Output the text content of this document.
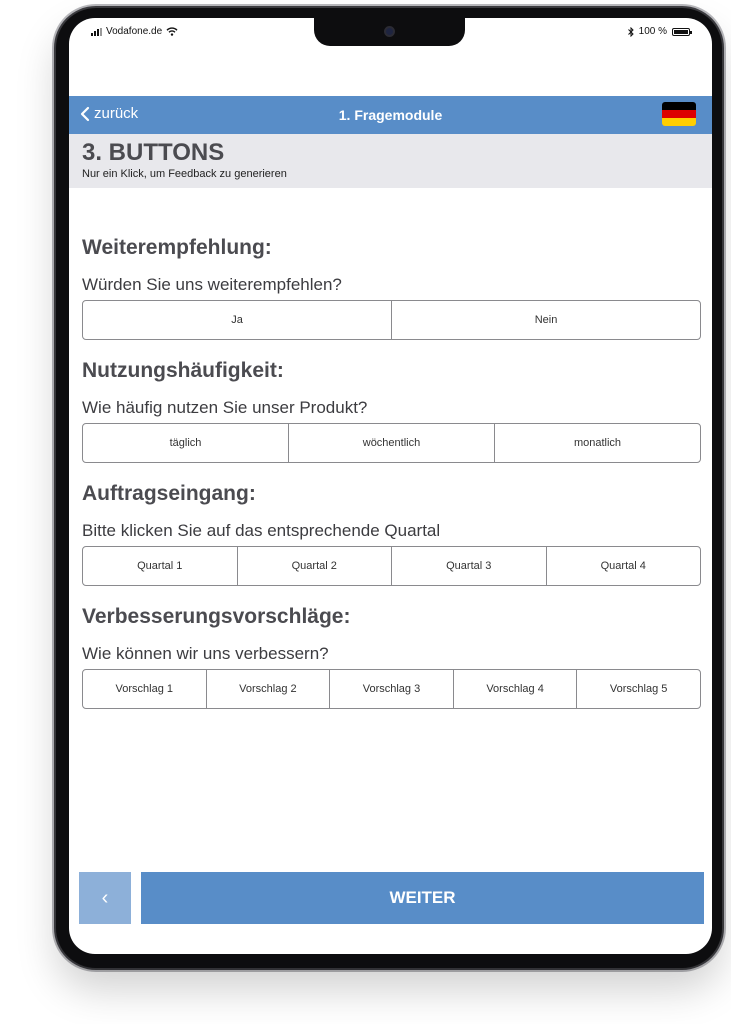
Vodafone.de	100 %
zurück	1. Fragemodule
3. BUTTONS
Nur ein Klick, um Feedback zu generieren
Weiterempfehlung:
Würden Sie uns weiterempfehlen?
Ja	Nein
Nutzungshäufigkeit:
Wie häufig nutzen Sie unser Produkt?
täglich	wöchentlich	monatlich
Auftragseingang:
Bitte klicken Sie auf das entsprechende Quartal
Quartal 1	Quartal 2	Quartal 3	Quartal 4
Verbesserungsvorschläge:
Wie können wir uns verbessern?
Vorschlag 1	Vorschlag 2	Vorschlag 3	Vorschlag 4	Vorschlag 5
‹	WEITER
